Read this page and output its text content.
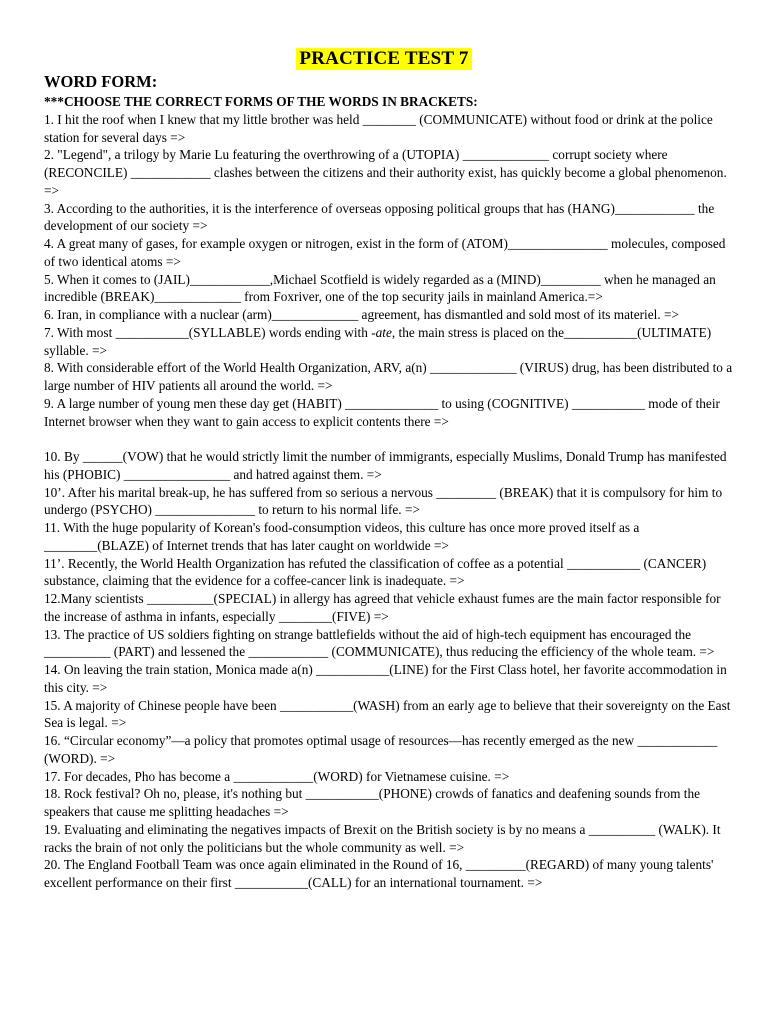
PRACTICE TEST 7
WORD FORM:
***CHOOSE THE CORRECT FORMS OF THE WORDS IN BRACKETS:

1. I hit the roof when I knew that my little brother was held ________ (COMMUNICATE) without food or drink at the police station for several days =>

2. "Legend", a trilogy by Marie Lu featuring the overthrowing of a (UTOPIA) _____________ corrupt society where (RECONCILE) ____________ clashes between the citizens and their authority exist, has quickly become a global phenomenon. =>

3. According to the authorities, it is the interference of overseas opposing political groups that has (HANG)____________ the development of our society =>

4. A great many of gases, for example oxygen or nitrogen, exist in the form of (ATOM)_______________ molecules, composed of two identical atoms =>

5. When it comes to (JAIL)____________,Michael Scotfield is widely regarded as a (MIND)_________ when he managed an incredible (BREAK)_____________ from Foxriver, one of the top security jails in mainland America.=>

6. Iran, in compliance with a nuclear (arm)_____________ agreement, has dismantled and sold most of its materiel. =>

7. With most ___________(SYLLABLE) words ending with -ate, the main stress is placed on the___________(ULTIMATE) syllable. =>

8. With considerable effort of the World Health Organization, ARV, a(n) _____________ (VIRUS) drug, has been distributed to a large number of HIV patients all around the world. =>

9. A large number of young men these day get (HABIT) ______________ to using (COGNITIVE) ___________ mode of their Internet browser when they want to gain access to explicit contents there =>

10. By ______(VOW) that he would strictly limit the number of immigrants, especially Muslims, Donald Trump has manifested his (PHOBIC) ________________ and hatred against them. =>

10’. After his marital break-up, he has suffered from so serious a nervous _________ (BREAK) that it is compulsory for him to undergo (PSYCHO) _______________ to return to his normal life. =>

11. With the huge popularity of Korean's food-consumption videos, this culture has once more proved itself as a ________(BLAZE) of Internet trends that has later caught on worldwide =>

11’. Recently, the World Health Organization has refuted the classification of coffee as a potential ___________ (CANCER) substance, claiming that the evidence for a coffee-cancer link is inadequate. =>

12.Many scientists __________(SPECIAL) in allergy has agreed that vehicle exhaust fumes are the main factor responsible for the increase of asthma in infants, especially ________(FIVE) =>

13. The practice of US soldiers fighting on strange battlefields without the aid of high-tech equipment has encouraged the __________ (PART) and lessened the ____________ (COMMUNICATE), thus reducing the efficiency of the whole team. =>

14. On leaving the train station, Monica made a(n) ___________(LINE) for the First Class hotel, her favorite accommodation in this city. =>

15. A majority of Chinese people have been ___________(WASH) from an early age to believe that their sovereignty on the East Sea is legal. =>

16. “Circular economy”—a policy that promotes optimal usage of resources—has recently emerged as the new ____________ (WORD). =>

17. For decades, Pho has become a ____________(WORD) for Vietnamese cuisine. =>

18. Rock festival? Oh no, please, it's nothing but ___________(PHONE) crowds of fanatics and deafening sounds from the speakers that cause me splitting headaches =>

19. Evaluating and eliminating the negatives impacts of Brexit on the British society is by no means a __________ (WALK). It racks the brain of not only the politicians but the whole community as well. =>

20. The England Football Team was once again eliminated in the Round of 16, _________(REGARD) of many young talents' excellent performance on their first ___________(CALL) for an international tournament. =>
